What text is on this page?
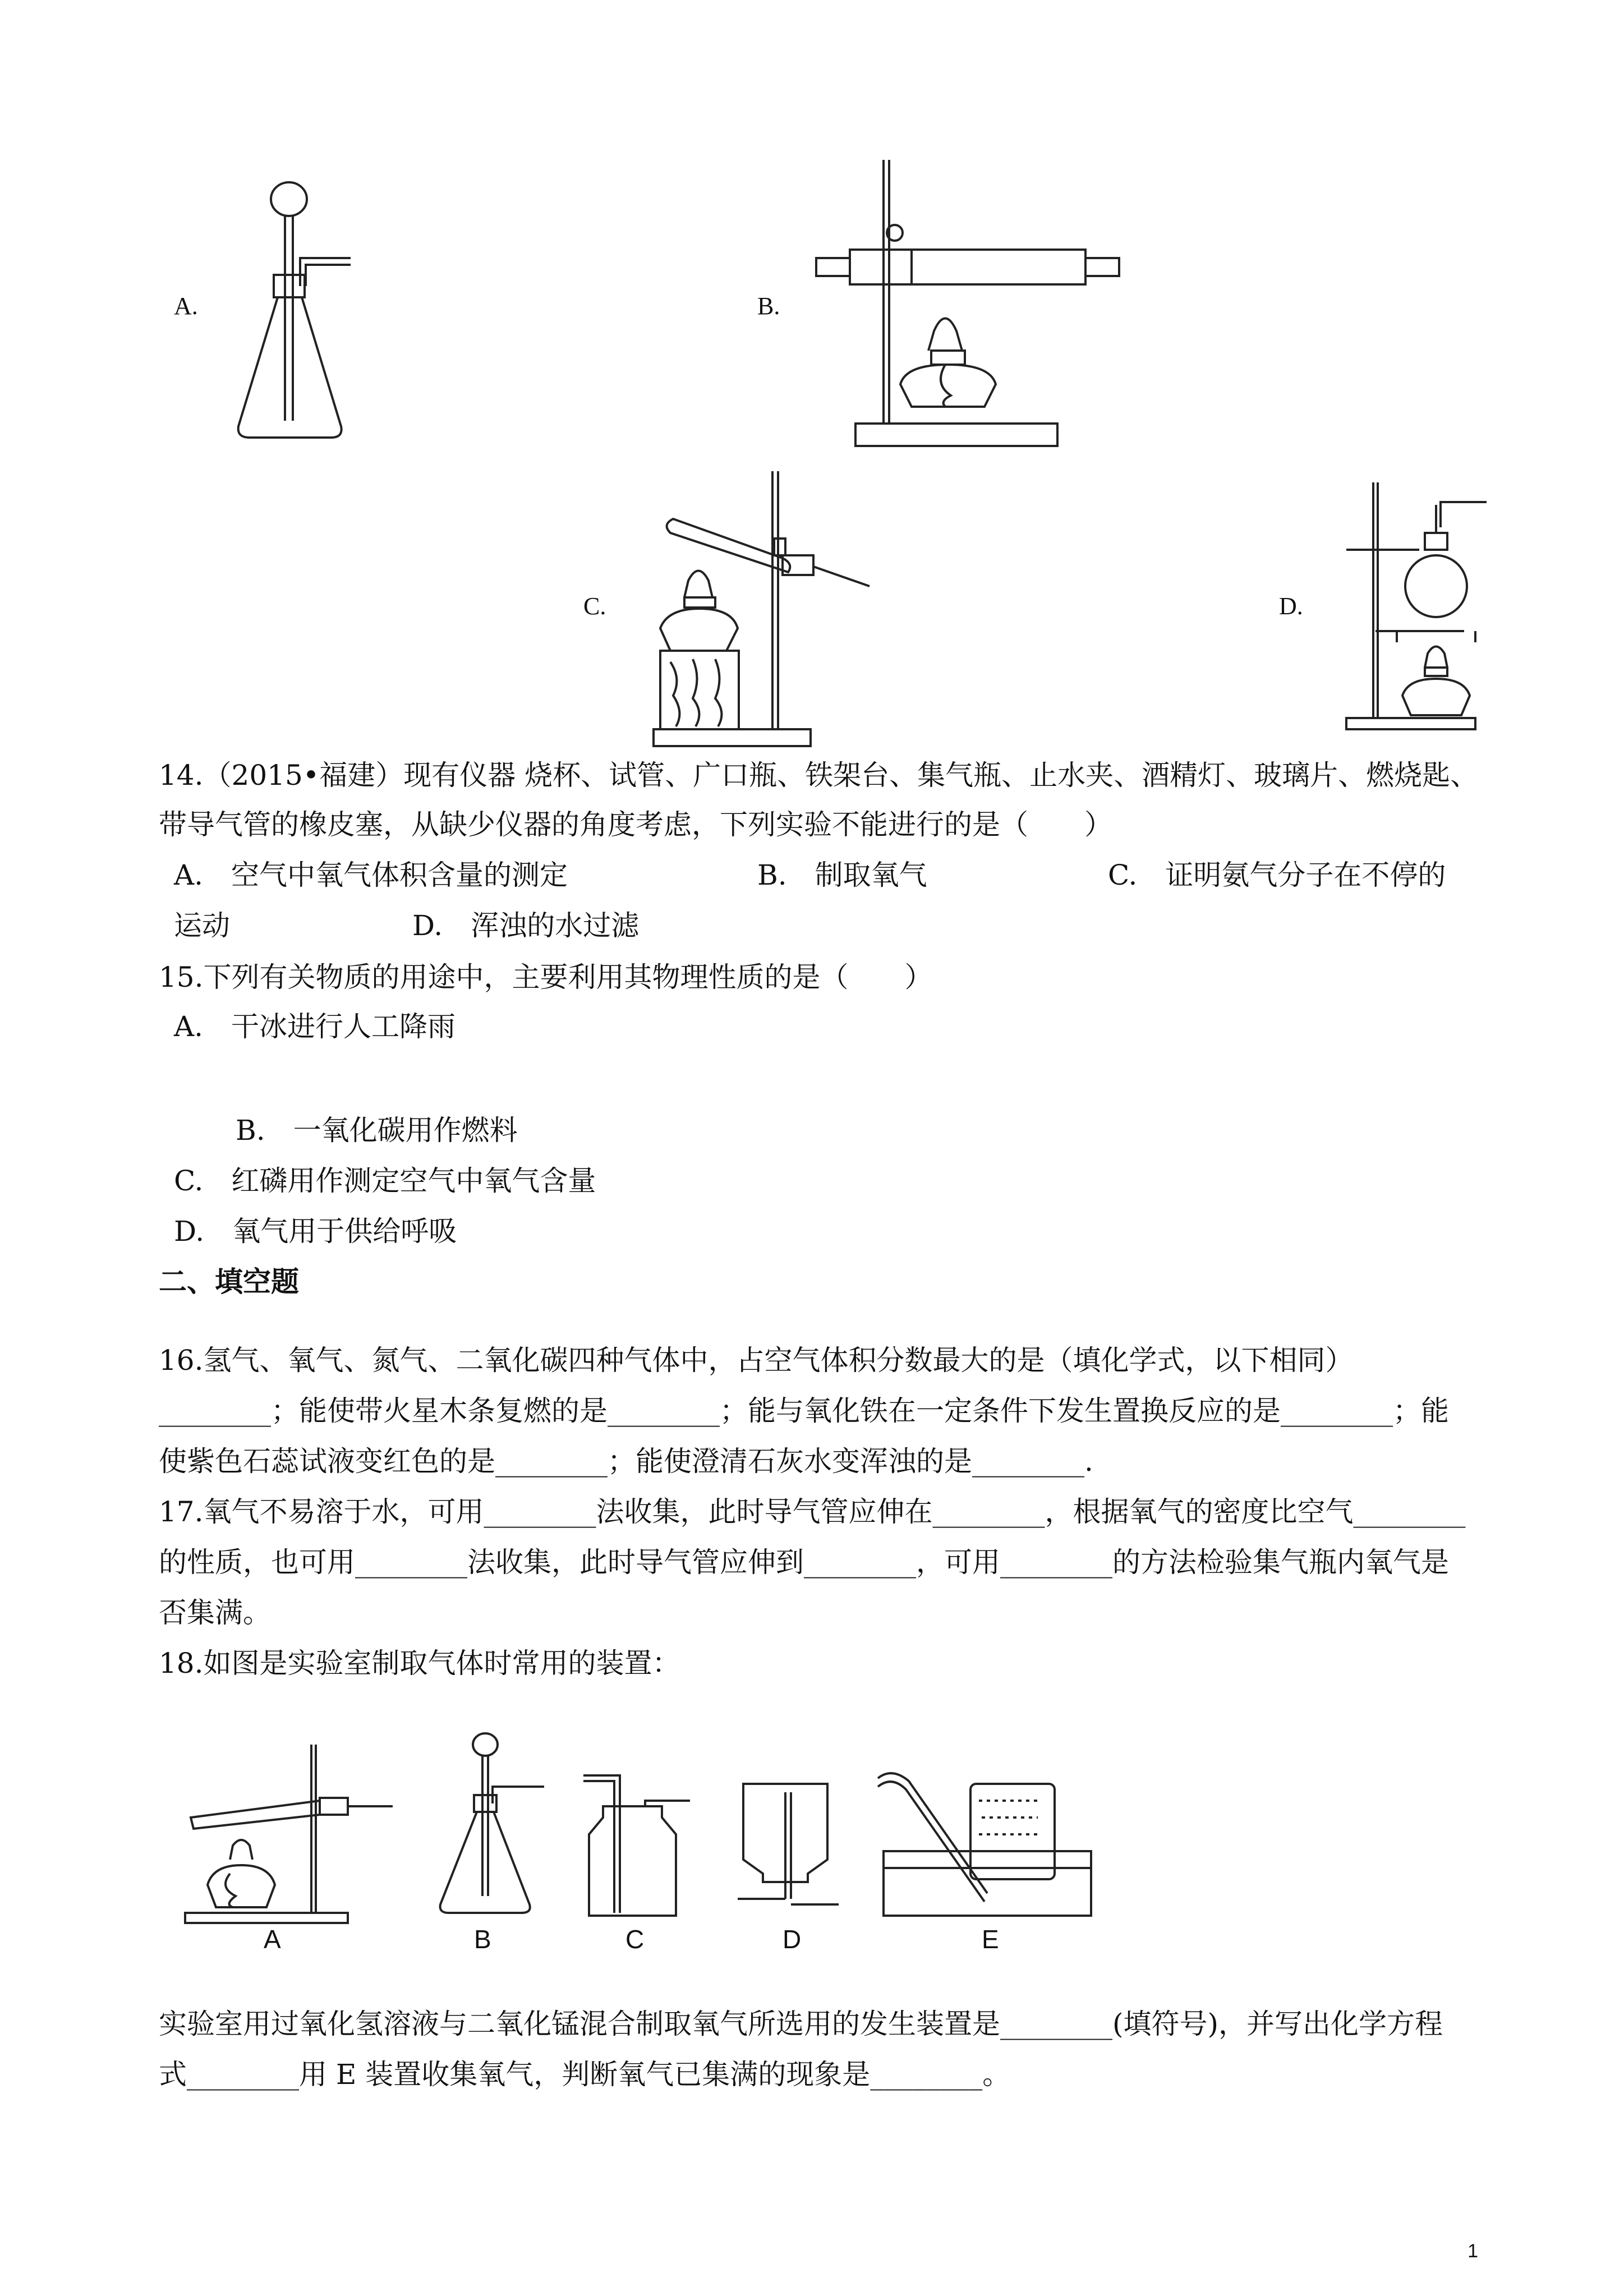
A.	B.
C.	D.
14.（2015•福建）现有仪器 烧杯、试管、广口瓶、铁架台、集气瓶、止水夹、酒精灯、玻璃片、燃烧匙、
带导气管的橡皮塞，从缺少仪器的角度考虑，下列实验不能进行的是（　　）
A.　空气中氧气体积含量的测定	B.　制取氧气	C.　证明氨气分子在不停的
运动	D.　浑浊的水过滤
15.下列有关物质的用途中，主要利用其物理性质的是（　　）
A.　干冰进行人工降雨
B.　一氧化碳用作燃料
C.　红磷用作测定空气中氧气含量
D.　氧气用于供给呼吸
二、填空题
16.氢气、氧气、氮气、二氧化碳四种气体中，占空气体积分数最大的是（填化学式，以下相同）
________；能使带火星木条复燃的是________；能与氧化铁在一定条件下发生置换反应的是________；能
使紫色石蕊试液变红色的是________；能使澄清石灰水变浑浊的是________.
17.氧气不易溶于水，可用________法收集，此时导气管应伸在________，根据氧气的密度比空气________
的性质，也可用________法收集，此时导气管应伸到________，可用________的方法检验集气瓶内氧气是
否集满。
18.如图是实验室制取气体时常用的装置：
A	B	C	D	E
实验室用过氧化氢溶液与二氧化锰混合制取氧气所选用的发生装置是________(填符号)，并写出化学方程
式________用 E 装置收集氧气，判断氧气已集满的现象是________。
1
